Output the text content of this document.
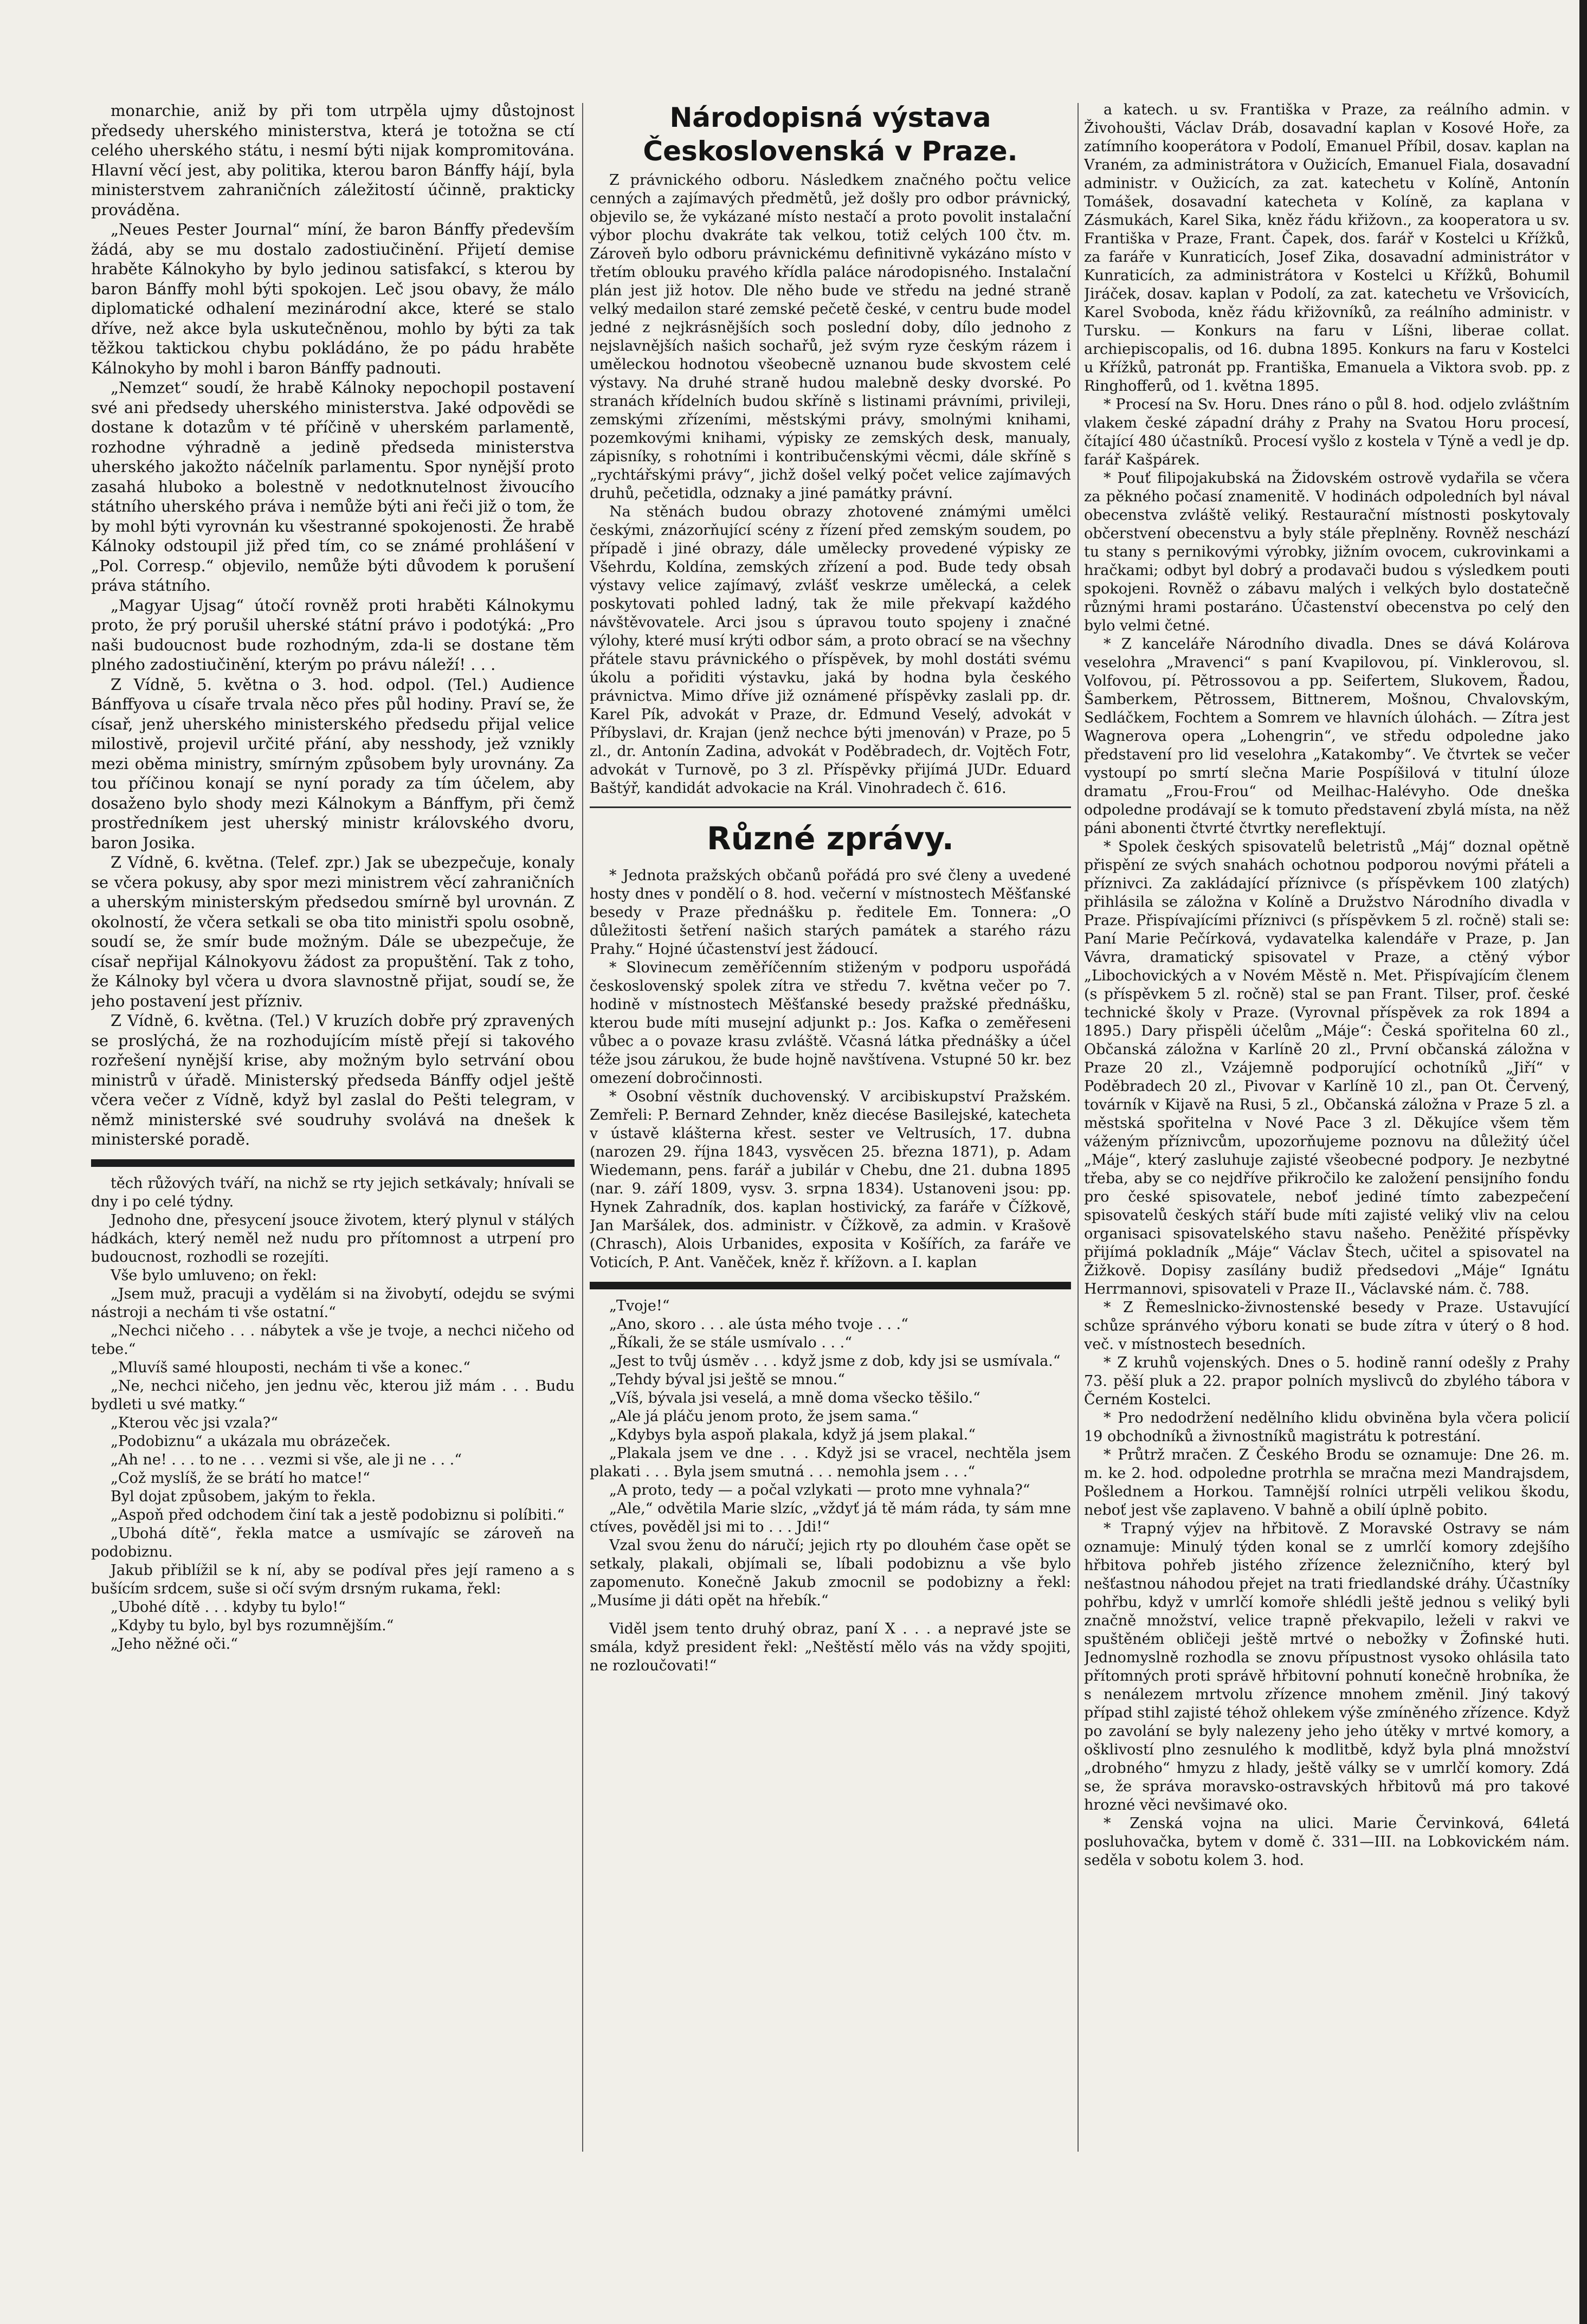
monarchie, aniž by při tom utrpěla ujmy důstojnost předsedy uherského ministerstva, která je totožna se ctí celého uherského státu, i nesmí býti nijak kompromitována. Hlavní věcí jest, aby politika, kterou baron Bánffy hájí, byla ministerstvem zahraničních záležitostí účinně, prakticky prováděna.

„Neues Pester Journal“ míní, že baron Bánffy především žádá, aby se mu dostalo zadostiučinění. Přijetí demise hraběte Kálnokyho by bylo jedinou satisfakcí, s kterou by baron Bánffy mohl býti spokojen. Leč jsou obavy, že málo diplomatické odhalení mezinárodní akce, které se stalo dříve, než akce byla uskutečněnou, mohlo by býti za tak těžkou taktickou chybu pokládáno, že po pádu hraběte Kálnokyho by mohl i baron Bánffy padnouti.

„Nemzet“ soudí, že hrabě Kálnoky nepochopil postavení své ani předsedy uherského ministerstva. Jaké odpovědi se dostane k dotazům v té příčině v uherském parlamentě, rozhodne výhradně a jedině předseda ministerstva uherského jakožto náčelník parlamentu. Spor nynější proto zasahá hluboko a bolestně v nedotknutelnost živoucího státního uherského práva i nemůže býti ani řeči již o tom, že by mohl býti vyrovnán ku všestranné spokojenosti. Že hrabě Kálnoky odstoupil již před tím, co se známé prohlášení v „Pol. Corresp.“ objevilo, nemůže býti důvodem k porušení práva státního.

„Magyar Ujsag“ útočí rovněž proti hraběti Kálnokymu proto, že prý porušil uherské státní právo i podotýká: „Pro naši budoucnost bude rozhodným, zda-li se dostane těm plného zadostiučinění, kterým po právu náleží! . . .

Z Vídně, 5. května o 3. hod. odpol. (Tel.) Audience Bánffyova u císaře trvala něco přes půl hodiny. Praví se, že císař, jenž uherského ministerského předsedu přijal velice milostivě, projevil určité přání, aby nesshody, jež vznikly mezi oběma ministry, smírným způsobem byly urovnány. Za tou příčinou konají se nyní porady za tím účelem, aby dosaženo bylo shody mezi Kálnokym a Bánffym, při čemž prostředníkem jest uherský ministr královského dvoru, baron Josika.

Z Vídně, 6. května. (Telef. zpr.) Jak se ubezpečuje, konaly se včera pokusy, aby spor mezi ministrem věcí zahraničních a uherským ministerským předsedou smírně byl urovnán. Z okolností, že včera setkali se oba tito ministři spolu osobně, soudí se, že smír bude možným. Dále se ubezpečuje, že císař nepřijal Kálnokyovu žádost za propuštění. Tak z toho, že Kálnoky byl včera u dvora slavnostně přijat, soudí se, že jeho postavení jest přízniv.

Z Vídně, 6. května. (Tel.) V kruzích dobře prý zpravených se proslýchá, že na rozhodujícím místě přejí si takového rozřešení nynější krise, aby možným bylo setrvání obou ministrů v úřadě. Ministerský předseda Bánffy odjel ještě včera večer z Vídně, když byl zaslal do Pešti telegram, v němž ministerské své soudruhy svolává na dnešek k ministerské poradě.

těch růžových tváří, na nichž se rty jejich setkávaly; hnívali se dny i po celé týdny.

Jednoho dne, přesycení jsouce životem, který plynul v stálých hádkách, který neměl než nudu pro přítomnost a utrpení pro budoucnost, rozhodli se rozejíti.

Vše bylo umluveno; on řekl:

„Jsem muž, pracuji a vydělám si na živobytí, odejdu se svými nástroji a nechám ti vše ostatní.“

„Nechci ničeho . . . nábytek a vše je tvoje, a nechci ničeho od tebe.“

„Mluvíš samé hlouposti, nechám ti vše a konec.“

„Ne, nechci ničeho, jen jednu věc, kterou již mám . . . Budu bydleti u své matky.“

„Kterou věc jsi vzala?“

„Podobiznu“ a ukázala mu obrázeček.

„Ah ne! . . . to ne . . . vezmi si vše, ale ji ne . . .“

„Což myslíš, že se brátí ho matce!“

Byl dojat způsobem, jakým to řekla.

„Aspoň před odchodem činí tak a jestě podobiznu si políbiti.“

„Ubohá dítě“, řekla matce a usmívajíc se zároveň na podobiznu.

Jakub přiblížil se k ní, aby se podíval přes její rameno a s bušícím srdcem, suše si očí svým drsným rukama, řekl:

„Ubohé dítě . . . kdyby tu bylo!“

„Kdyby tu bylo, byl bys rozumnějším.“

„Jeho něžné oči.“

Národopisná výstava Československá v Praze.

Z právnického odboru. Následkem značného počtu velice cenných a zajímavých předmětů, jež došly pro odbor právnický, objevilo se, že vykázané místo nestačí a proto povolit instalační výbor plochu dvakráte tak velkou, totiž celých 100 čtv. m. Zároveň bylo odboru právnickému definitivně vykázáno místo v třetím oblouku pravého křídla paláce národopisného. Instalační plán jest již hotov. Dle něho bude ve středu na jedné straně velký medailon staré zemské pečetě české, v centru bude model jedné z nejkrásnějších soch poslední doby, dílo jednoho z nejslavnějších našich sochařů, jež svým ryze českým rázem i uměleckou hodnotou všeobecně uznanou bude skvostem celé výstavy. Na druhé straně hudou malebně desky dvorské. Po stranách křídelních budou skříně s listinami právními, privileji, zemskými zřízeními, městskými právy, smolnými knihami, pozemkovými knihami, výpisky ze zemských desk, manualy, zápisníky, s rohotními i kontribučenskými věcmi, dále skříně s „rychtářskými právy“, jichž došel velký počet velice zajímavých druhů, pečetidla, odznaky a jiné památky právní.

Na stěnách budou obrazy zhotovené známými umělci českými, znázorňující scény z řízení před zemským soudem, po případě i jiné obrazy, dále umělecky provedené výpisky ze Všehrdu, Koldína, zemských zřízení a pod. Bude tedy obsah výstavy velice zajímavý, zvlášť veskrze umělecká, a celek poskytovati pohled ladný, tak že mile překvapí každého návštěvovatele. Arci jsou s úpravou touto spojeny i značné výlohy, které musí krýti odbor sám, a proto obrací se na všechny přátele stavu právnického o příspěvek, by mohl dostáti svému úkolu a pořiditi výstavku, jaká by hodna byla českého právnictva. Mimo dříve již oznámené příspěvky zaslali pp. dr. Karel Pík, advokát v Praze, dr. Edmund Veselý, advokát v Příbyslavi, dr. Krajan (jenž nechce býti jmenován) v Praze, po 5 zl., dr. Antonín Zadina, advokát v Poděbradech, dr. Vojtěch Fotr, advokát v Turnově, po 3 zl. Příspěvky přijímá JUDr. Eduard Baštýř, kandidát advokacie na Král. Vinohradech č. 616.

Různé zprávy.

* Jednota pražských občanů pořádá pro své členy a uvedené hosty dnes v pondělí o 8. hod. večerní v místnostech Měšťanské besedy v Praze přednášku p. ředitele Em. Tonnera: „O důležitosti šetření našich starých památek a starého rázu Prahy.“ Hojné účastenství jest žádoucí.

* Slovinecum zeměříčenním stiženým v podporu uspořádá československý spolek zítra ve středu 7. května večer po 7. hodině v místnostech Měšťanské besedy pražské přednášku, kterou bude míti musejní adjunkt p.: Jos. Kafka o zeměřeseni vůbec a o povaze krasu zvláště. Včasná látka přednášky a účel téže jsou zárukou, že bude hojně navštívena. Vstupné 50 kr. bez omezení dobročinnosti.

* Osobní věstník duchovenský. V arcibiskupství Pražském. Zemřeli: P. Bernard Zehnder, kněz diecése Basilejské, katecheta v ústavě klášterna křest. sester ve Veltrusích, 17. dubna (narozen 29. října 1843, vysvěcen 25. března 1871), p. Adam Wiedemann, pens. farář a jubilár v Chebu, dne 21. dubna 1895 (nar. 9. září 1809, vysv. 3. srpna 1834). Ustanoveni jsou: pp. Hynek Zahradník, dos. kaplan hostivický, za faráře v Čížkově, Jan Maršálek, dos. administr. v Čížkově, za admin. v Krašově (Chrasch), Alois Urbanides, exposita v Košířích, za faráře ve Voticích, P. Ant. Vaněček, kněz ř. křížovn. a I. kaplan

„Tvoje!“

„Ano, skoro . . . ale ústa mého tvoje . . .“

„Říkali, že se stále usmívalo . . .“

„Jest to tvůj úsměv . . . když jsme z dob, kdy jsi se usmívala.“

„Tehdy býval jsi ještě se mnou.“

„Víš, bývala jsi veselá, a mně doma všecko těšilo.“

„Ale já pláču jenom proto, že jsem sama.“

„Kdybys byla aspoň plakala, když já jsem plakal.“

„Plakala jsem ve dne . . . Když jsi se vracel, nechtěla jsem plakati . . . Byla jsem smutná . . . nemohla jsem . . .“

„A proto, tedy — a počal vzlykati — proto mne vyhnala?“

„Ale,“ odvětila Marie slzíc, „vždyť já tě mám ráda, ty sám mne ctíves, pověděl jsi mi to . . . Jdi!“

Vzal svou ženu do náručí; jejich rty po dlouhém čase opět se setkaly, plakali, objímali se, líbali podobiznu a vše bylo zapomenuto. Konečně Jakub zmocnil se podobizny a řekl: „Musíme ji dáti opět na hřebík.“

Viděl jsem tento druhý obraz, paní X . . . a nepravé jste se smála, když president řekl: „Neštěstí mělo vás na vždy spojiti, ne rozloučovati!“

a katech. u sv. Františka v Praze, za reálního admin. v Živohoušti, Václav Dráb, dosavadní kaplan v Kosové Hoře, za zatímního kooperátora v Podolí, Emanuel Příbil, dosav. kaplan na Vraném, za administrátora v Oužicích, Emanuel Fiala, dosavadní administr. v Oužicích, za zat. katechetu v Kolíně, Antonín Tomášek, dosavadní katecheta v Kolíně, za kaplana v Zásmukách, Karel Sika, kněz řádu křižovn., za kooperatora u sv. Františka v Praze, Frant. Čapek, dos. farář v Kostelci u Křížků, za faráře v Kunraticích, Josef Zika, dosavadní administrátor v Kunraticích, za administrátora v Kostelci u Křížků, Bohumil Jiráček, dosav. kaplan v Podolí, za zat. katechetu ve Vršovicích, Karel Svoboda, kněz řádu křižovníků, za reálního administr. v Tursku. — Konkurs na faru v Líšni, liberae collat. archiepiscopalis, od 16. dubna 1895. Konkurs na faru v Kostelci u Křížků, patronát pp. Františka, Emanuela a Viktora svob. pp. z Ringhofferů, od 1. května 1895.

* Procesí na Sv. Horu. Dnes ráno o půl 8. hod. odjelo zvláštním vlakem české západní dráhy z Prahy na Svatou Horu procesí, čítající 480 účastníků. Procesí vyšlo z kostela v Týně a vedl je dp. farář Kašpárek.

* Pouť filipojakubská na Židovském ostrově vydařila se včera za pěkného počasí znamenitě. V hodinách odpoledních byl nával obecenstva zvláště veliký. Restaurační místnosti poskytovaly občerstvení obecenstvu a byly stále přeplněny. Rovněž neschází tu stany s pernikovými výrobky, jižním ovocem, cukrovinkami a hračkami; odbyt byl dobrý a prodavači budou s výsledkem pouti spokojeni. Rovněž o zábavu malých i velkých bylo dostatečně různými hrami postaráno. Účastenství obecenstva po celý den bylo velmi četné.

* Z kanceláře Národního divadla. Dnes se dává Kolárova veselohra „Mravenci“ s paní Kvapilovou, pí. Vinklerovou, sl. Volfovou, pí. Pětrossovou a pp. Seifertem, Slukovem, Řadou, Šamberkem, Pětrossem, Bittnerem, Mošnou, Chvalovským, Sedláčkem, Fochtem a Somrem ve hlavních úlohách. — Zítra jest Wagnerova opera „Lohengrin“, ve středu odpoledne jako představení pro lid veselohra „Katakomby“. Ve čtvrtek se večer vystoupí po smrtí slečna Marie Pospíšilová v titulní úloze dramatu „Frou-Frou“ od Meilhac-Halévyho. Ode dneška odpoledne prodávají se k tomuto představení zbylá místa, na něž páni abonenti čtvrté čtvrtky nereflektují.

* Spolek českých spisovatelů beletristů „Máj“ doznal opětně přispění ze svých snahách ochotnou podporou novými přáteli a příznivci. Za zakládající příznivce (s příspěvkem 100 zlatých) přihlásila se záložna v Kolíně a Družstvo Národního divadla v Praze. Přispívajícími příznivci (s příspěvkem 5 zl. ročně) stali se: Paní Marie Pečírková, vydavatelka kalendáře v Praze, p. Jan Vávra, dramatický spisovatel v Praze, a ctěný výbor „Libochovických a v Novém Městě n. Met. Přispívajícím členem (s příspěvkem 5 zl. ročně) stal se pan Frant. Tilser, prof. české technické školy v Praze. (Vyrovnal příspěvek za rok 1894 a 1895.) Dary přispěli účelům „Máje“: Česká spořitelna 60 zl., Občanská záložna v Karlíně 20 zl., První občanská záložna v Praze 20 zl., Vzájemně podporující ochotníků „Jiří“ v Poděbradech 20 zl., Pivovar v Karlíně 10 zl., pan Ot. Červený, továrník v Kijavě na Rusi, 5 zl., Občanská záložna v Praze 5 zl. a městská spořitelna v Nové Pace 3 zl. Děkujíce všem těm váženým příznivcům, upozorňujeme poznovu na důležitý účel „Máje“, který zasluhuje zajisté všeobecné podpory. Je nezbytné třeba, aby se co nejdříve přikročilo ke založení pensijního fondu pro české spisovatele, neboť jediné tímto zabezpečení spisovatelů českých stáří bude míti zajisté veliký vliv na celou organisaci spisovatelského stavu našeho. Peněžité příspěvky přijímá pokladník „Máje“ Václav Štech, učitel a spisovatel na Žižkově. Dopisy zasílány budiž předsedovi „Máje“ Ignátu Herrmannovi, spisovateli v Praze II., Václavské nám. č. 788.

* Z Řemeslnicko-živnostenské besedy v Praze. Ustavující schůze spránvého výboru konati se bude zítra v úterý o 8 hod. več. v místnostech besedních.

* Z kruhů vojenských. Dnes o 5. hodině ranní odešly z Prahy 73. pěší pluk a 22. prapor polních myslivců do zbylého tábora v Černém Kostelci.

* Pro nedodržení nedělního klidu obviněna byla včera policií 19 obchodníků a živnostníků magistrátu k potrestání.

* Průtrž mračen. Z Českého Brodu se oznamuje: Dne 26. m. m. ke 2. hod. odpoledne protrhla se mračna mezi Mandrajsdem, Pošlednem a Horkou. Tamnější rolníci utrpěli velikou škodu, neboť jest vše zaplaveno. V bahně a obilí úplně pobito.

* Trapný výjev na hřbitově. Z Moravské Ostravy se nám oznamuje: Minulý týden konal se z umrlčí komory zdejšího hřbitova pohřeb jistého zřízence železničního, který byl nešťastnou náhodou přejet na trati friedlandské dráhy. Účastníky pohřbu, když v umrlčí komoře shlédli ještě jednou s veliký byli značně množství, velice trapně překvapilo, leželi v rakvi ve spuštěném obličeji ještě mrtvé o nebožky v Žofinské huti. Jednomyslně rozhodla se znovu přípustnost vysoko ohlásila tato přítomných proti správě hřbitovní pohnutí konečně hrobníka, že s nenálezem mrtvolu zřízence mnohem změnil. Jiný takový případ stihl zajisté téhož ohlekem výše zmíněného zřízence. Když po zavolání se byly nalezeny jeho jeho útěky v mrtvé komory, a ošklivostí plno zesnulého k modlitbě, když byla plná množství „drobného“ hmyzu z hlady, ještě války se v umrlčí komory. Zdá se, že správa moravsko-ostravských hřbitovů má pro takové hrozné věci nevšimavé oko.

* Zenská vojna na ulici. Marie Červinková, 64letá posluhovačka, bytem v domě č. 331—III. na Lobkovickém nám. seděla v sobotu kolem 3. hod.
